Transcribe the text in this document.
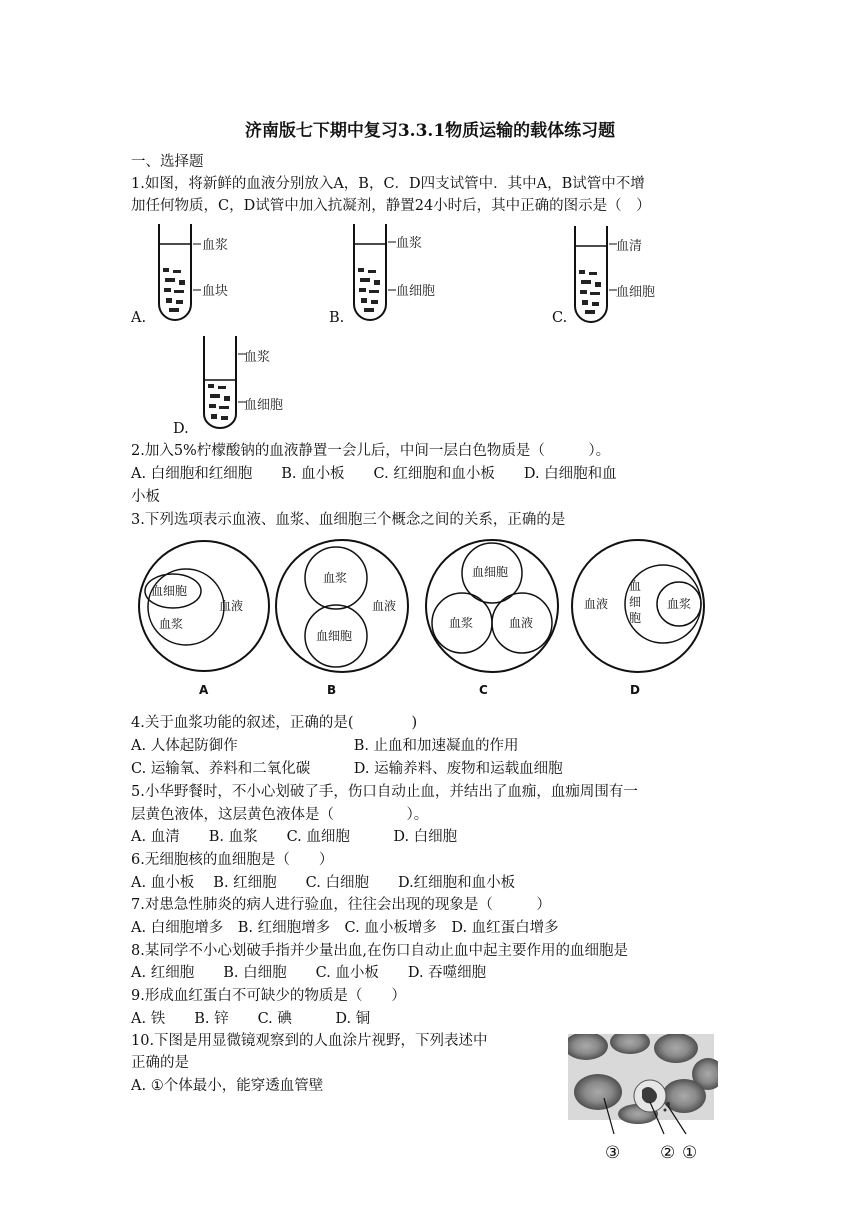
济南版七下期中复习3.3.1物质运输的载体练习题
一、选择题
1.如图，将新鲜的血液分别放入A，B，C．D四支试管中．其中A，B试管中不增
加任何物质，C，D试管中加入抗凝剂，静置24小时后，其中正确的图示是（　）
血浆
血块
A.
血浆
血细胞
B.
血清
血细胞
C.
血浆
血细胞
D.
2.加入5%柠檬酸钠的血液静置一会儿后，中间一层白色物质是（　　　）。
A. 白细胞和红细胞　　B. 血小板　　C. 红细胞和血小板　　D. 白细胞和血
小板
3.下列选项表示血液、血浆、血细胞三个概念之间的关系，正确的是
血细胞
血浆
血液
A
血浆
血液
血细胞
B
血细胞
血浆	血液
C
血液
血
细
胞
血浆
D
4.关于血浆功能的叙述，正确的是(　　　　)
A. 人体起防御作　　　　　　　　B. 止血和加速凝血的作用
C. 运输氧、养料和二氧化碳　　　D. 运输养料、废物和运载血细胞
5.小华野餐时，不小心划破了手，伤口自动止血，并结出了血痂，血痂周围有一
层黄色液体，这层黄色液体是（　　　　　）。
A. 血清　　B. 血浆　　C. 血细胞　　　D. 白细胞
6.无细胞核的血细胞是（　　）
A. 血小板　 B. 红细胞　　C. 白细胞　　D.红细胞和血小板
7.对患急性肺炎的病人进行验血，往往会出现的现象是（　　　）
A. 白细胞增多　B. 红细胞增多　C. 血小板增多　D. 血红蛋白增多
8.某同学不小心划破手指并少量出血,在伤口自动止血中起主要作用的血细胞是
A. 红细胞　　B. 白细胞　　C. 血小板　　D. 吞噬细胞
9.形成血红蛋白不可缺少的物质是（　　）
A. 铁　　B. 锌　　C. 碘　　　D. 铜
10.下图是用显微镜观察到的人血涂片视野，下列表述中
正确的是
A. ①个体最小，能穿透血管壁
③ ② ①
